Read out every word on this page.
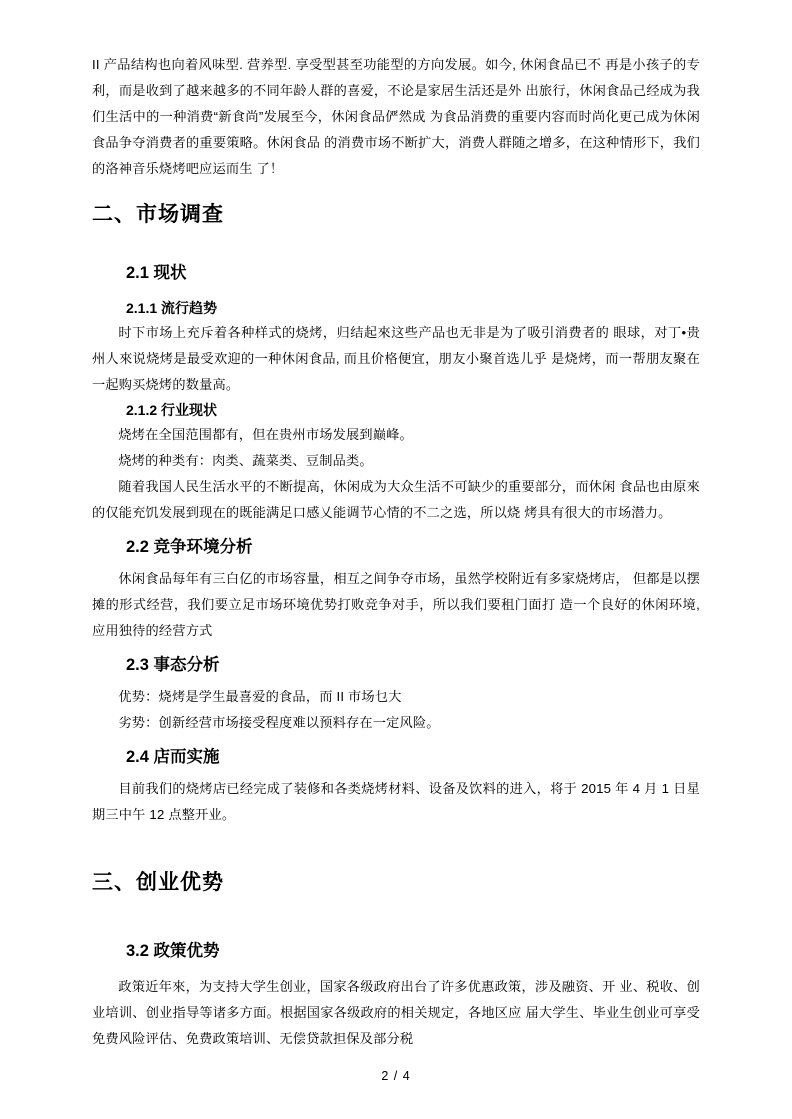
ΙΙ 产品结构也向着风味型. 营养型. 享受型甚至功能型的方向发展。如今, 休闲食品已不 再是小孩子的专利，而是收到了越来越多的不同年龄人群的喜爱，不论是家居生活还是外 出旅行，休闲食品己经成为我们生活中的一种消费“新食尚”发展至今，休闲食品俨然成 为食品消费的重要内容而时尚化更己成为休闲食品争夺消费者的重要策略。休闲食品 的消费市场不断扩大，消费人群随之增多，在这种情形下，我们的洛神音乐烧烤吧应运而生 了！

二、市场调查
2.1 现状
2.1.1 流行趋势

时下市场上充斥着各种样式的烧烤，归结起來这些产品也无非是为了吸引消费者的 眼球，对丁•贵州人來说烧烤是最受欢迎的一种休闲食品, 而且价格便宜，朋友小聚首选儿乎 是烧烤，而一帮朋友聚在一起购买烧烤的数量高。

2.1.2 行业现状

烧烤在全国范围都有，但在贵州市场发展到巅峰。

烧烤的种类有：肉类、蔬菜类、豆制品类。

随着我国人民生活水平的不断提高，休闲成为大众生活不可缺少的重要部分，而休闲 食品也由原來的仅能充饥发展到现在的既能满足口感乂能调节心情的不二之选，所以烧 烤具有很大的市场潜力。

2.2 竞争环境分析

休闲食品每年有三白亿的市场容量，相互之间争夺市场，虽然学校附近有多家烧烤店， 但都是以摆摊的形式经营，我们要立足市场环境优势打败竞争对手，所以我们要租门面打 造一个良好的休闲环境, 应用独待的经营方式

2.3 事态分析

优势：烧烤是学生最喜爱的食品，而 ΙΙ 市场乜大

劣势：创新经营市场接受程度难以预料存在一定风险。

2.4 店而实施

目前我们的烧烤店已经完成了装修和各类烧烤材料、设备及饮料的进入，将于 2015 年 4 月 1 日星期三中午 12 点整开业。

三、创业优势
3.2 政策优势

政策近年來，为支持大学生创业，国家各级政府出台了许多优惠政策，涉及融资、开 业、税收、创业培训、创业指导等诸多方面。根据国家各级政府的相关规定，各地区应 届大学生、毕业生创业可享受免费风险评估、免费政策培训、无偿贷款担保及部分税

2 / 4
